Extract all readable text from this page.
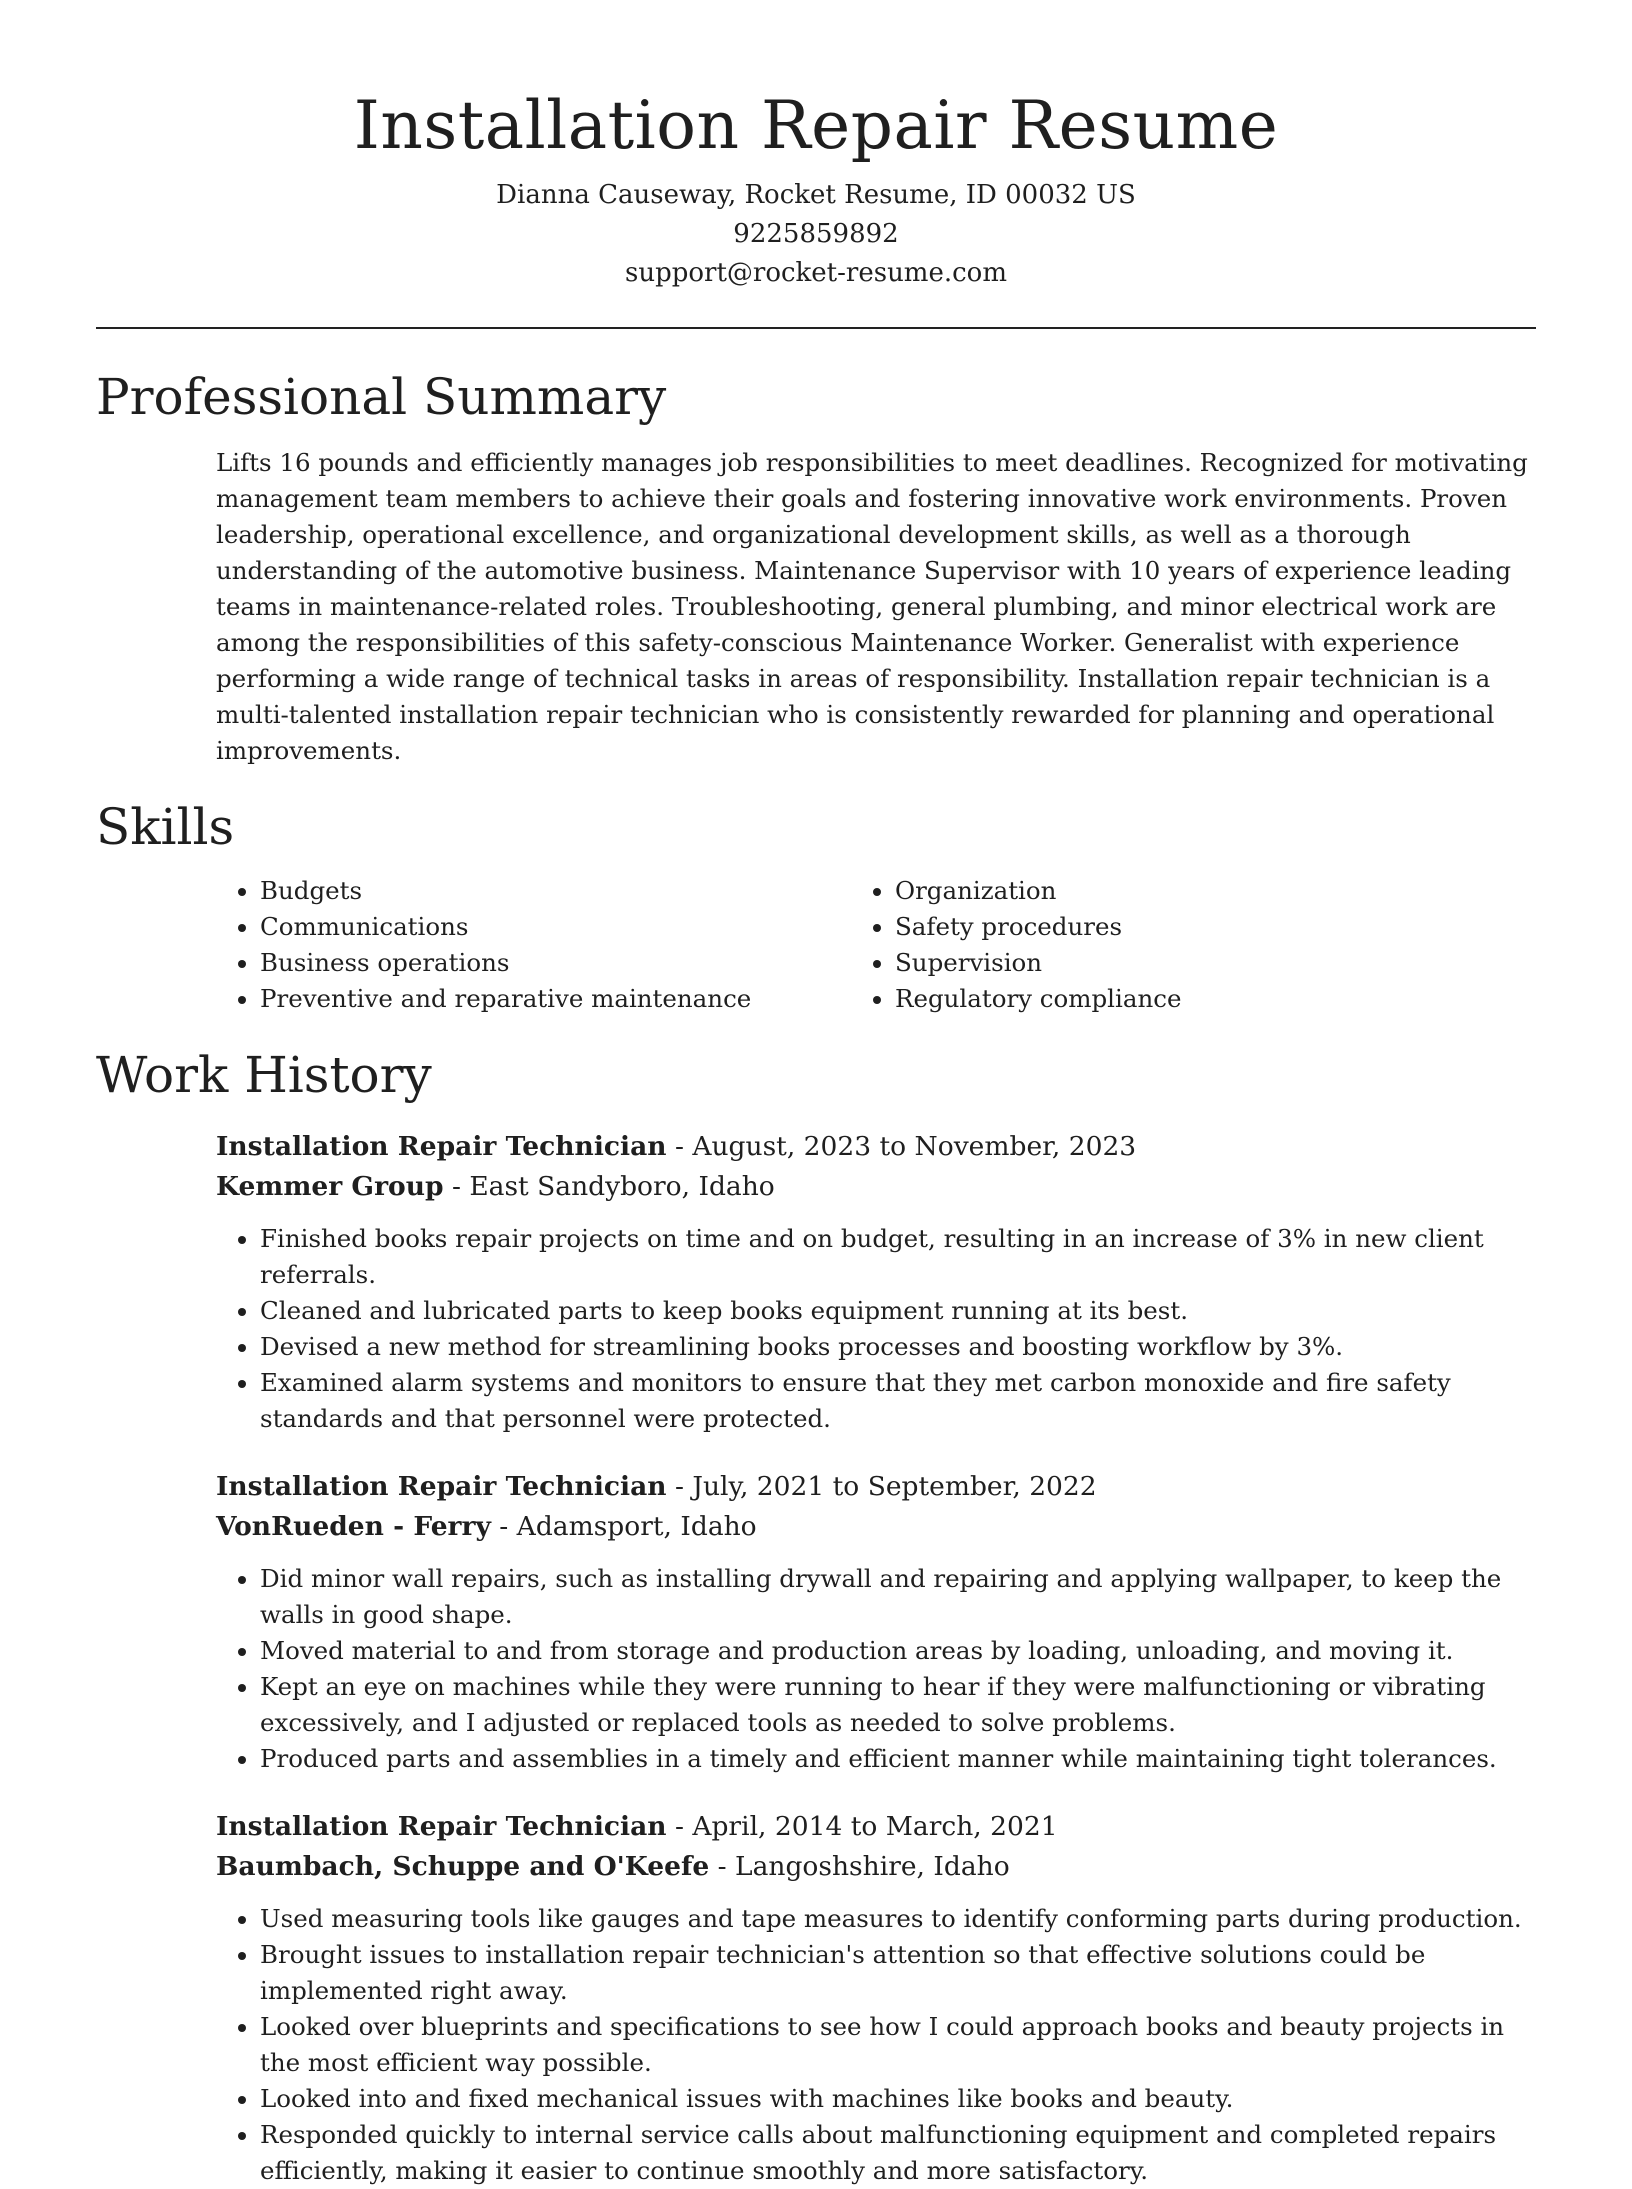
Installation Repair Resume

Dianna Causeway, Rocket Resume, ID 00032 US

9225859892

support@rocket-resume.com

Professional Summary

Lifts 16 pounds and efficiently manages job responsibilities to meet deadlines. Recognized for motivating management team members to achieve their goals and fostering innovative work environments. Proven leadership, operational excellence, and organizational development skills, as well as a thorough understanding of the automotive business. Maintenance Supervisor with 10 years of experience leading teams in maintenance-related roles. Troubleshooting, general plumbing, and minor electrical work are among the responsibilities of this safety-conscious Maintenance Worker. Generalist with experience performing a wide range of technical tasks in areas of responsibility. Installation repair technician is a multi-talented installation repair technician who is consistently rewarded for planning and operational improvements.

Skills
• Budgets
• Communications
• Business operations
• Preventive and reparative maintenance
• Organization
• Safety procedures
• Supervision
• Regulatory compliance
Work History

Installation Repair Technician - August, 2023 to November, 2023

Kemmer Group - East Sandyboro, Idaho

• Finished books repair projects on time and on budget, resulting in an increase of 3% in new client referrals.
• Cleaned and lubricated parts to keep books equipment running at its best.
• Devised a new method for streamlining books processes and boosting workflow by 3%.
• Examined alarm systems and monitors to ensure that they met carbon monoxide and fire safety standards and that personnel were protected.

Installation Repair Technician - July, 2021 to September, 2022

VonRueden - Ferry - Adamsport, Idaho

• Did minor wall repairs, such as installing drywall and repairing and applying wallpaper, to keep the walls in good shape.
• Moved material to and from storage and production areas by loading, unloading, and moving it.
• Kept an eye on machines while they were running to hear if they were malfunctioning or vibrating excessively, and I adjusted or replaced tools as needed to solve problems.
• Produced parts and assemblies in a timely and efficient manner while maintaining tight tolerances.

Installation Repair Technician - April, 2014 to March, 2021

Baumbach, Schuppe and O'Keefe - Langoshshire, Idaho

• Used measuring tools like gauges and tape measures to identify conforming parts during production.
• Brought issues to installation repair technician's attention so that effective solutions could be implemented right away.
• Looked over blueprints and specifications to see how I could approach books and beauty projects in the most efficient way possible.
• Looked into and fixed mechanical issues with machines like books and beauty.
• Responded quickly to internal service calls about malfunctioning equipment and completed repairs efficiently, making it easier to continue smoothly and more satisfactory.
